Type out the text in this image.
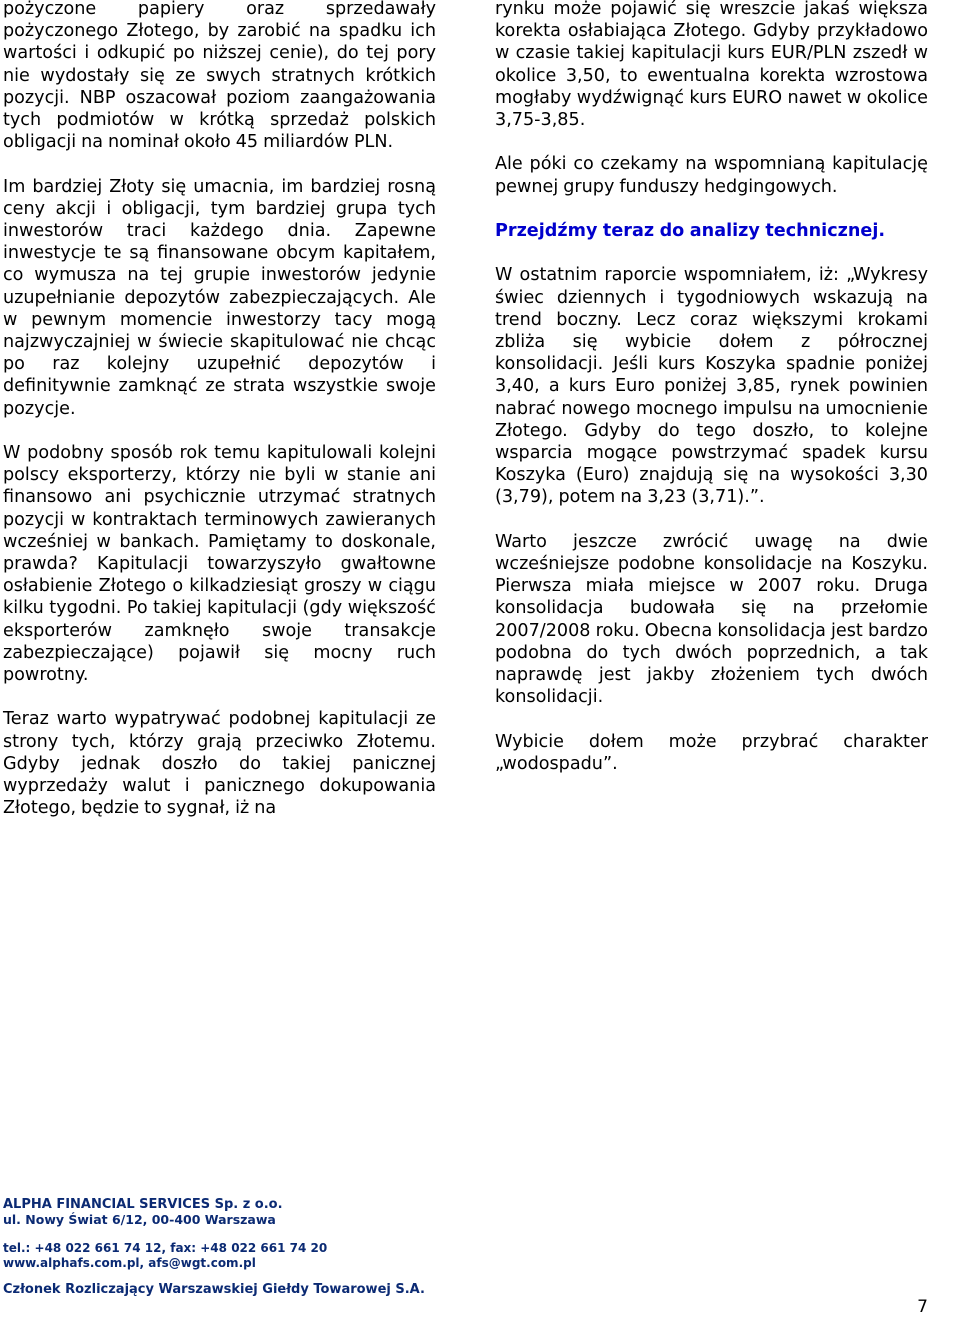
pożyczone papiery oraz sprzedawały pożyczonego Złotego, by zarobić na spadku ich wartości i odkupić po niższej cenie), do tej pory nie wydostały się ze swych stratnych krótkich pozycji. NBP oszacował poziom zaangażowania tych podmiotów w krótką sprzedaż polskich obligacji na nominał około 45 miliardów PLN.

Im bardziej Złoty się umacnia, im bardziej rosną ceny akcji i obligacji, tym bardziej grupa tych inwestorów traci każdego dnia. Zapewne inwestycje te są finansowane obcym kapitałem, co wymusza na tej grupie inwestorów jedynie uzupełnianie depozytów zabezpieczających. Ale w pewnym momencie inwestorzy tacy mogą najzwyczajniej w świecie skapitulować nie chcąc po raz kolejny uzupełnić depozytów i definitywnie zamknąć ze strata wszystkie swoje pozycje.

W podobny sposób rok temu kapitulowali kolejni polscy eksporterzy, którzy nie byli w stanie ani finansowo ani psychicznie utrzymać stratnych pozycji w kontraktach terminowych zawieranych wcześniej w bankach. Pamiętamy to doskonale, prawda? Kapitulacji towarzyszyło gwałtowne osłabienie Złotego o kilkadziesiąt groszy w ciągu kilku tygodni. Po takiej kapitulacji (gdy większość eksporterów zamknęło swoje transakcje zabezpieczające) pojawił się mocny ruch powrotny.

Teraz warto wypatrywać podobnej kapitulacji ze strony tych, którzy grają przeciwko Złotemu. Gdyby jednak doszło do takiej panicznej wyprzedaży walut i panicznego dokupowania Złotego, będzie to sygnał, iż na

rynku może pojawić się wreszcie jakaś większa korekta osłabiająca Złotego. Gdyby przykładowo w czasie takiej kapitulacji kurs EUR/PLN zszedł w okolice 3,50, to ewentualna korekta wzrostowa mogłaby wydźwignąć kurs EURO nawet w okolice 3,75-3,85.

Ale póki co czekamy na wspomnianą kapitulację pewnej grupy funduszy hedgingowych.

Przejdźmy teraz do analizy technicznej.

W ostatnim raporcie wspomniałem, iż: „Wykresy świec dziennych i tygodniowych wskazują na trend boczny. Lecz coraz większymi krokami zbliża się wybicie dołem z półrocznej konsolidacji. Jeśli kurs Koszyka spadnie poniżej 3,40, a kurs Euro poniżej 3,85, rynek powinien nabrać nowego mocnego impulsu na umocnienie Złotego. Gdyby do tego doszło, to kolejne wsparcia mogące powstrzymać spadek kursu Koszyka (Euro) znajdują się na wysokości 3,30 (3,79), potem na 3,23 (3,71).”.

Warto jeszcze zwrócić uwagę na dwie wcześniejsze podobne konsolidacje na Koszyku. Pierwsza miała miejsce w 2007 roku. Druga konsolidacja budowała się na przełomie 2007/2008 roku. Obecna konsolidacja jest bardzo podobna do tych dwóch poprzednich, a tak naprawdę jest jakby złożeniem tych dwóch konsolidacji.

Wybicie dołem może przybrać charakter „wodospadu”.

ALPHA FINANCIAL SERVICES Sp. z o.o.
ul. Nowy Świat 6/12, 00-400 Warszawa
tel.: +48 022 661 74 12, fax: +48 022 661 74 20
www.alphafs.com.pl, afs@wgt.com.pl
Członek Rozliczający Warszawskiej Giełdy Towarowej S.A.
7
